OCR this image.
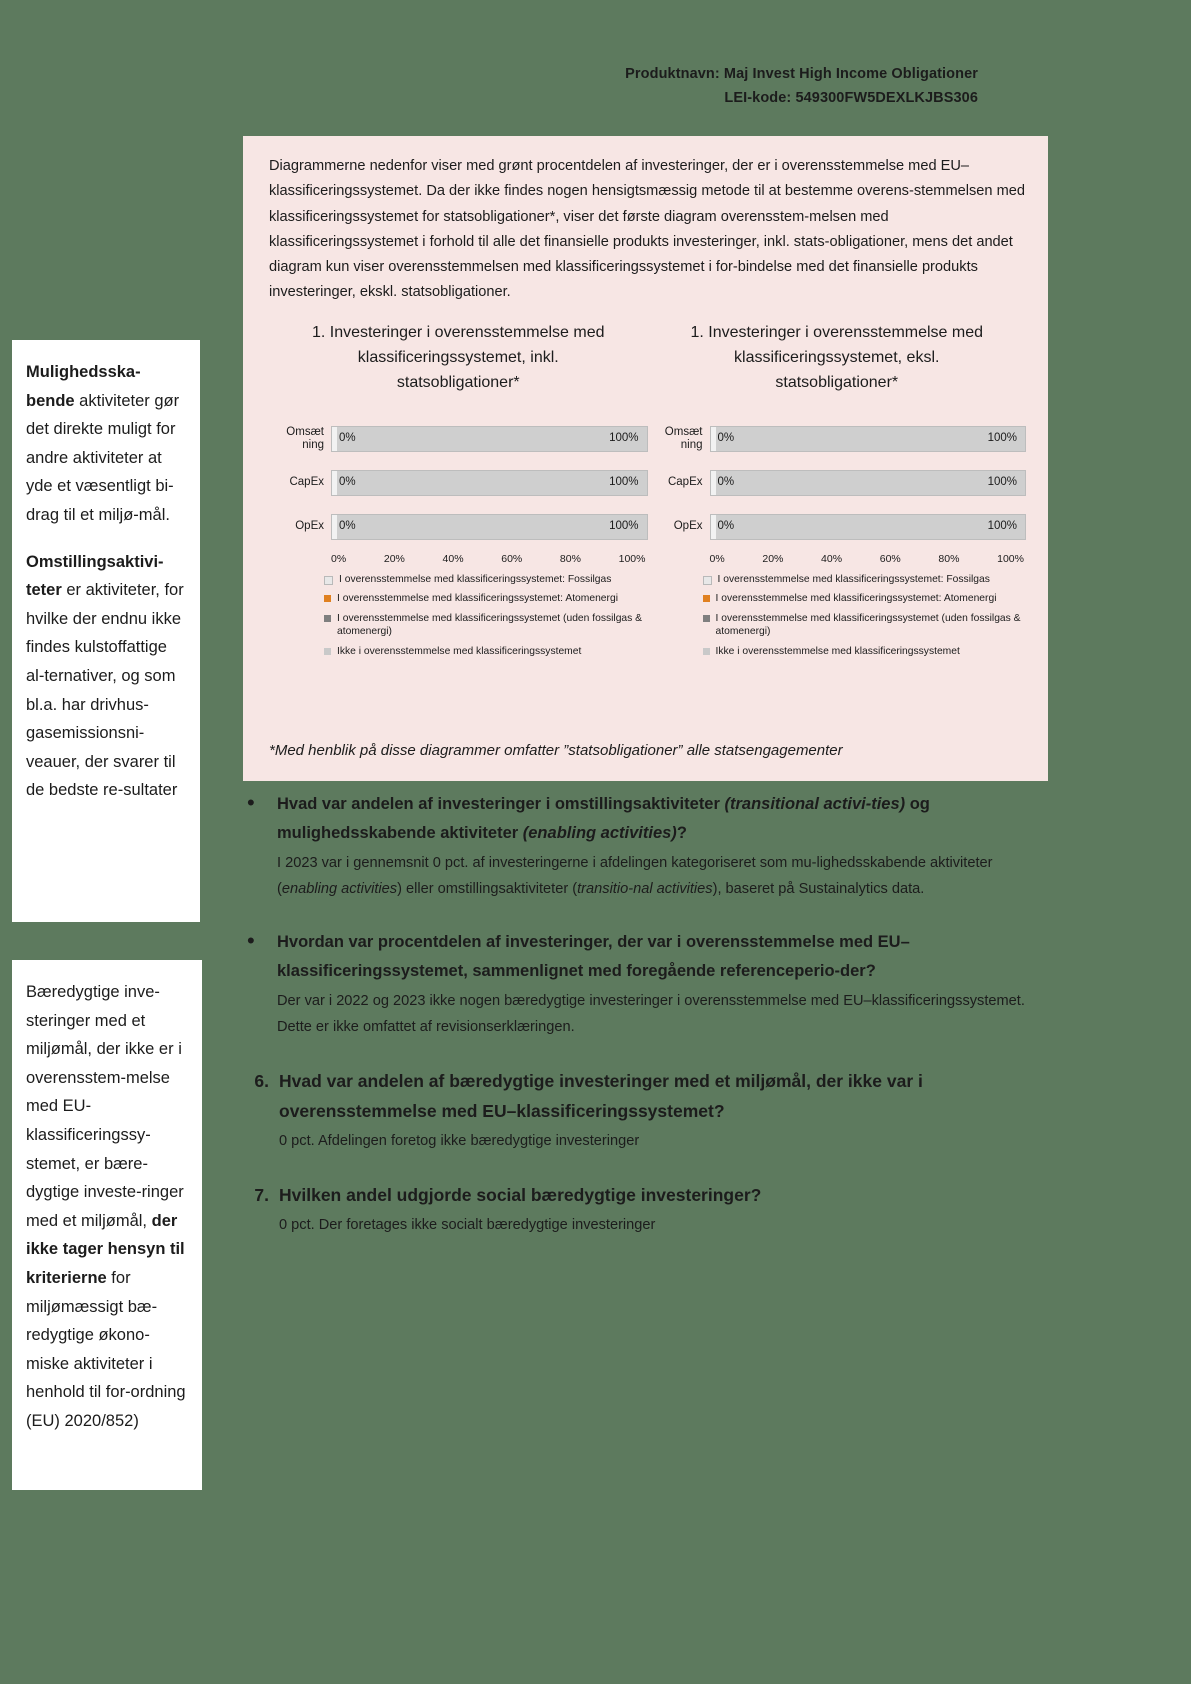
Produktnavn: Maj Invest High Income Obligationer
LEI-kode: 549300FW5DEXLKJBS306

Mulighedsska-bende aktiviteter gør det direkte muligt for andre aktiviteter at yde et væsentligt bi-drag til et miljø-mål.

Omstillingsaktivi-teter er aktiviteter, for hvilke der endnu ikke findes kulstoffattige al-ternativer, og som bl.a. har drivhus-gasemissionsni-veauer, der svarer til de bedste re-sultater

Bæredygtige inve-steringer med et miljømål, der ikke er i overensstem-melse med EU-klassificeringssy-stemet, er bære-dygtige investe-ringer med et miljømål, der ikke tager hensyn til kriterierne for miljømæssigt bæ-redygtige økono-miske aktiviteter i henhold til for-ordning (EU) 2020/852)

Diagrammerne nedenfor viser med grønt procentdelen af investeringer, der er i overensstemmelse med EU–klassificeringssystemet. Da der ikke findes nogen hensigtsmæssig metode til at bestemme overens-stemmelsen med klassificeringssystemet for statsobligationer*, viser det første diagram overensstem-melsen med klassificeringssystemet i forhold til alle det finansielle produkts investeringer, inkl. stats-obligationer, mens det andet diagram kun viser overensstemmelsen med klassificeringssystemet i for-bindelse med det finansielle produkts investeringer, ekskl. statsobligationer.
1. Investeringer i overensstemmelse med klassificeringssystemet, inkl. statsobligationer*
Omsæt ning
0%	100%
CapEx	0%	100%
OpEx	0%	100%
0%	20%	40%	60%	80%	100%
I overensstemmelse med klassificeringssystemet: Fossilgas
I overensstemmelse med klassificeringssystemet: Atomenergi
I overensstemmelse med klassificeringssystemet (uden fossilgas & atomenergi)
Ikke i overensstemmelse med klassificeringssystemet
1. Investeringer i overensstemmelse med klassificeringssystemet, eksl. statsobligationer*
Omsæt ning
0%	100%
CapEx	0%	100%
OpEx	0%	100%
0%	20%	40%	60%	80%	100%
I overensstemmelse med klassificeringssystemet: Fossilgas
I overensstemmelse med klassificeringssystemet: Atomenergi
I overensstemmelse med klassificeringssystemet (uden fossilgas & atomenergi)
Ikke i overensstemmelse med klassificeringssystemet
*Med henblik på disse diagrammer omfatter ”statsobligationer” alle statsengagementer
•	Hvad var andelen af investeringer i omstillingsaktiviteter (transitional activi-ties) og mulighedsskabende aktiviteter (enabling activities)?

I 2023 var i gennemsnit 0 pct. af investeringerne i afdelingen kategoriseret som mu-lighedsskabende aktiviteter (enabling activities) eller omstillingsaktiviteter (transitio-nal activities), baseret på Sustainalytics data.

•	Hvordan var procentdelen af investeringer, der var i overensstemmelse med EU–klassificeringssystemet, sammenlignet med foregående referenceperio-der?

Der var i 2022 og 2023 ikke nogen bæredygtige investeringer i overensstemmelse med EU–klassificeringssystemet. Dette er ikke omfattet af revisionserklæringen.

6. Hvad var andelen af bæredygtige investeringer med et miljømål, der ikke var i overensstemmelse med EU–klassificeringssystemet?

0 pct. Afdelingen foretog ikke bæredygtige investeringer

7. Hvilken andel udgjorde social bæredygtige investeringer?

0 pct. Der foretages ikke socialt bæredygtige investeringer
